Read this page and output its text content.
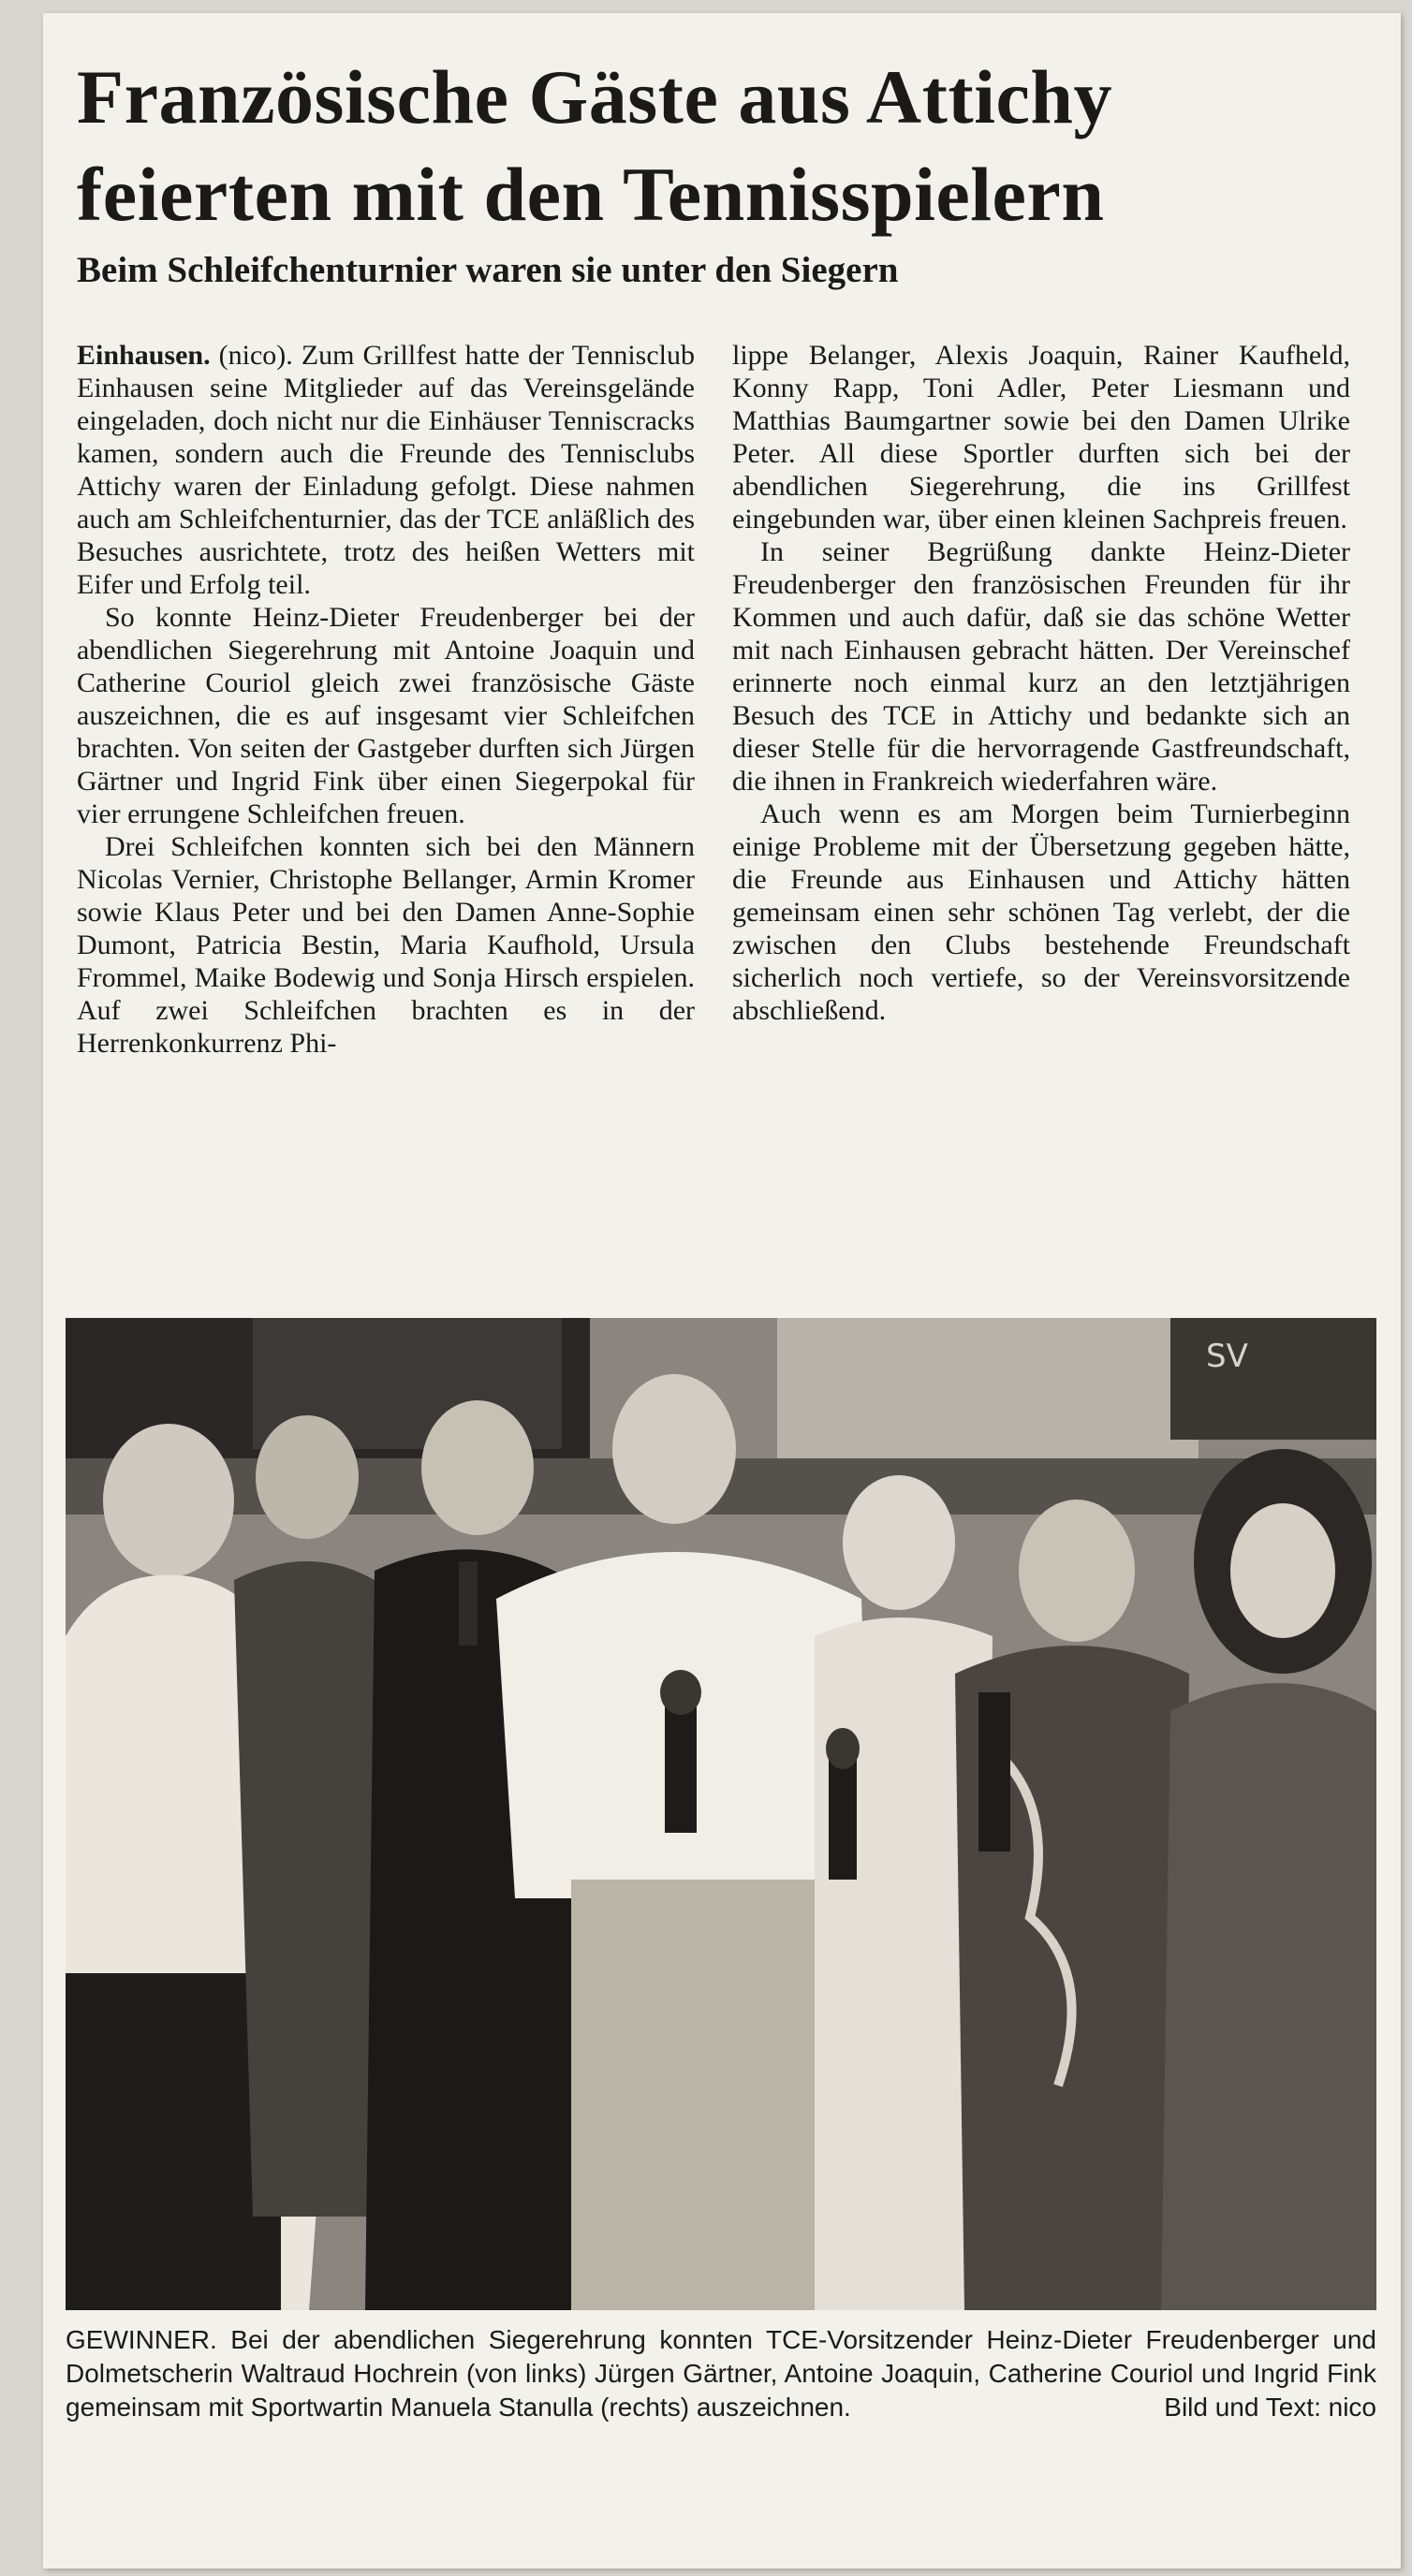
Französische Gäste aus Attichy feierten mit den Tennisspielern
Beim Schleifchenturnier waren sie unter den Siegern

Einhausen. (nico). Zum Grillfest hatte der Tennisclub Einhausen seine Mitglieder auf das Vereinsgelände eingeladen, doch nicht nur die Einhäuser Tenniscracks kamen, sondern auch die Freunde des Tennisclubs Attichy waren der Einladung gefolgt. Diese nahmen auch am Schleifchenturnier, das der TCE anläßlich des Besuches ausrichtete, trotz des heißen Wetters mit Eifer und Erfolg teil.

So konnte Heinz-Dieter Freudenberger bei der abendlichen Siegerehrung mit Antoine Joaquin und Catherine Couriol gleich zwei französische Gäste auszeichnen, die es auf insgesamt vier Schleifchen brachten. Von seiten der Gastgeber durften sich Jürgen Gärtner und Ingrid Fink über einen Siegerpokal für vier errungene Schleifchen freuen.

Drei Schleifchen konnten sich bei den Männern Nicolas Vernier, Christophe Bellanger, Armin Kromer sowie Klaus Peter und bei den Damen Anne-Sophie Dumont, Patricia Bestin, Maria Kaufhold, Ursula Frommel, Maike Bodewig und Sonja Hirsch erspielen. Auf zwei Schleifchen brachten es in der Herrenkonkurrenz Phi-

lippe Belanger, Alexis Joaquin, Rainer Kaufheld, Konny Rapp, Toni Adler, Peter Liesmann und Matthias Baumgartner sowie bei den Damen Ulrike Peter. All diese Sportler durften sich bei der abendlichen Siegerehrung, die ins Grillfest eingebunden war, über einen kleinen Sachpreis freuen.

In seiner Begrüßung dankte Heinz-Dieter Freudenberger den französischen Freunden für ihr Kommen und auch dafür, daß sie das schöne Wetter mit nach Einhausen gebracht hätten. Der Vereinschef erinnerte noch einmal kurz an den letztjährigen Besuch des TCE in Attichy und bedankte sich an dieser Stelle für die hervorragende Gastfreundschaft, die ihnen in Frankreich wiederfahren wäre.

Auch wenn es am Morgen beim Turnierbeginn einige Probleme mit der Übersetzung gegeben hätte, die Freunde aus Einhausen und Attichy hätten gemeinsam einen sehr schönen Tag verlebt, der die zwischen den Clubs bestehende Freundschaft sicherlich noch vertiefe, so der Vereinsvorsitzende abschließend.

SV

GEWINNER. Bei der abendlichen Siegerehrung konnten TCE-Vorsitzender Heinz-Dieter Freudenberger und Dolmetscherin Waltraud Hochrein (von links) Jürgen Gärtner, Antoine Joaquin, Catherine Couriol und Ingrid Fink gemeinsam mit Sportwartin Manuela Stanulla (rechts) auszeichnen.	Bild und Text: nico
